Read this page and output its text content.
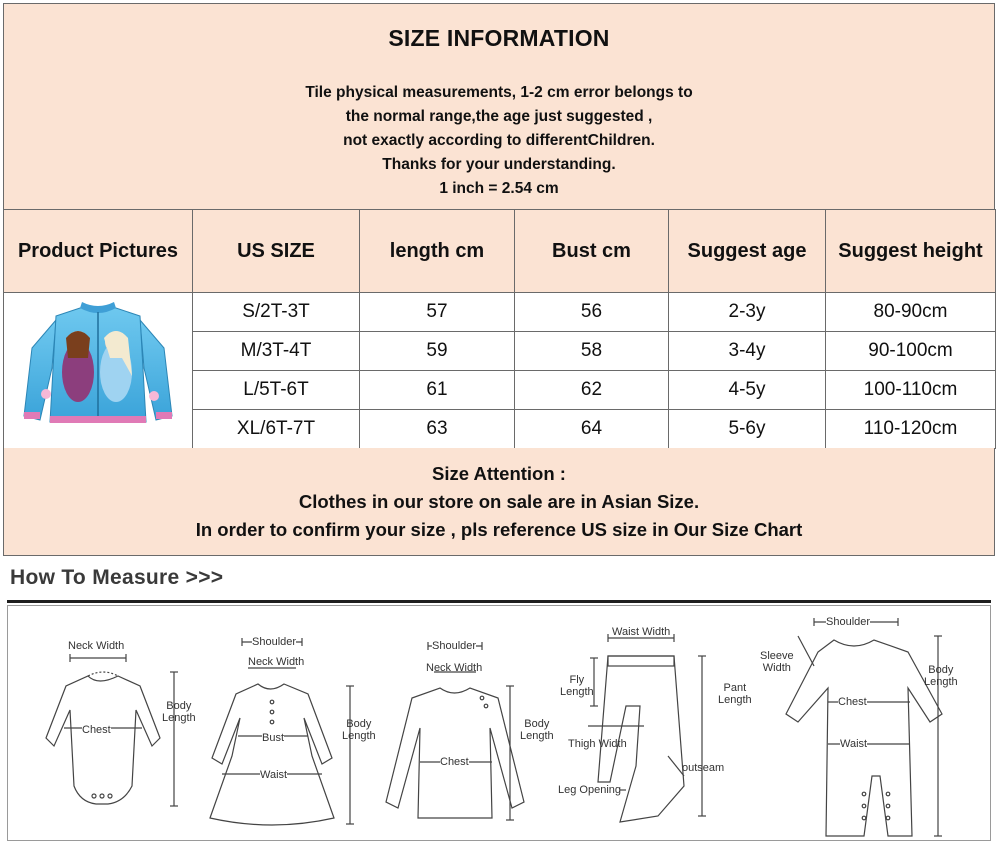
SIZE INFORMATION
Tile physical measurements, 1-2 cm error belongs to
the normal range,the age just suggested ,
not exactly according to differentChildren.
Thanks for your understanding.
1 inch = 2.54 cm
Product Pictures	US SIZE	length cm	Bust cm	Suggest age	Suggest height
	S/2T-3T	57	56	2-3y	80-90cm
	M/3T-4T	59	58	3-4y	90-100cm
	L/5T-6T	61	62	4-5y	100-110cm
	XL/6T-7T	63	64	5-6y	110-120cm
Size Attention :
Clothes in our store on sale are in Asian Size.
In order to confirm your size , pls reference US size in Our Size Chart
How To Measure >>>
Neck Width
Chest
Body
Length
Shoulder
Neck Width
Bust
Waist
Body
Length
Shoulder
Neck Width
Chest
Body
Length
Waist Width
Fly
Length	Pant
Length
Thigh Width
outseam
Leg Opening
Shoulder
Sleeve
Width
Chest
Waist
Body
Length
